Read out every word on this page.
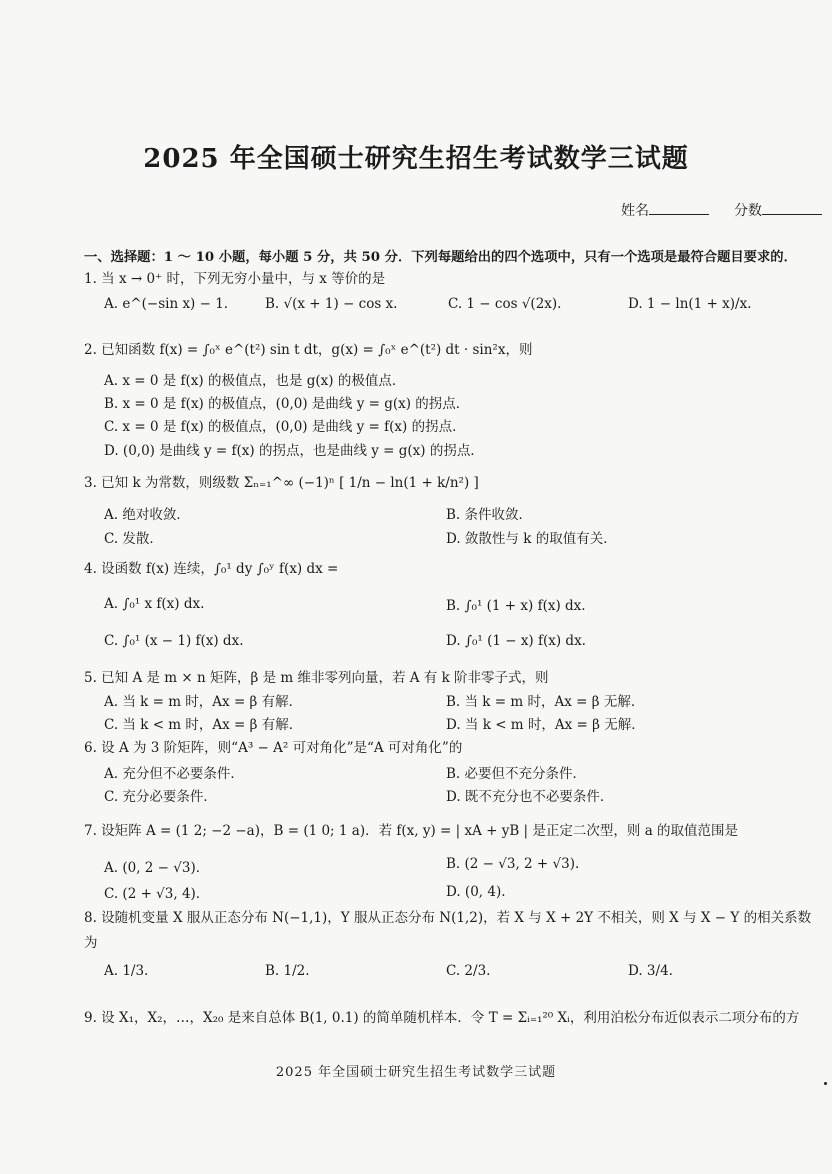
2025 年全国硕士研究生招生考试数学三试题
姓名	分数
一、选择题：1 ～ 10 小题，每小题 5 分，共 50 分．下列每题给出的四个选项中，只有一个选项是最符合题目要求的．
1. 当 x → 0⁺ 时，下列无穷小量中，与 x 等价的是
A. e^(−sin x) − 1.	B. √(x + 1) − cos x.	C. 1 − cos √(2x).	D. 1 − ln(1 + x)/x.
2. 已知函数 f(x) = ∫₀ˣ e^(t²) sin t dt，g(x) = ∫₀ˣ e^(t²) dt · sin²x，则
A. x = 0 是 f(x) 的极值点，也是 g(x) 的极值点．
B. x = 0 是 f(x) 的极值点，(0,0) 是曲线 y = g(x) 的拐点．
C. x = 0 是 f(x) 的极值点，(0,0) 是曲线 y = f(x) 的拐点．
D. (0,0) 是曲线 y = f(x) 的拐点，也是曲线 y = g(x) 的拐点．
3. 已知 k 为常数，则级数 Σₙ₌₁^∞ (−1)ⁿ [ 1/n − ln(1 + k/n²) ]
A. 绝对收敛．	B. 条件收敛．
C. 发散．	D. 敛散性与 k 的取值有关．
4. 设函数 f(x) 连续，∫₀¹ dy ∫₀ʸ f(x) dx =
A. ∫₀¹ x f(x) dx.	B. ∫₀¹ (1 + x) f(x) dx.
C. ∫₀¹ (x − 1) f(x) dx.	D. ∫₀¹ (1 − x) f(x) dx.
5. 已知 A 是 m × n 矩阵，β 是 m 维非零列向量，若 A 有 k 阶非零子式，则
A. 当 k = m 时，Ax = β 有解．	B. 当 k = m 时，Ax = β 无解．
C. 当 k < m 时，Ax = β 有解．	D. 当 k < m 时，Ax = β 无解．
6. 设 A 为 3 阶矩阵，则“A³ − A² 可对角化”是“A 可对角化”的
A. 充分但不必要条件．	B. 必要但不充分条件．
C. 充分必要条件．	D. 既不充分也不必要条件．
7. 设矩阵 A = (1 2; −2 −a)，B = (1 0; 1 a)．若 f(x, y) = | xA + yB | 是正定二次型，则 a 的取值范围是
A. (0, 2 − √3)．	B. (2 − √3, 2 + √3).
C. (2 + √3, 4)．	D. (0, 4).
8. 设随机变量 X 服从正态分布 N(−1,1)，Y 服从正态分布 N(1,2)，若 X 与 X + 2Y 不相关，则 X 与 X − Y 的相关系数为
A. 1/3.	B. 1/2.	C. 2/3.	D. 3/4.
9. 设 X₁，X₂，…，X₂₀ 是来自总体 B(1, 0.1) 的简单随机样本．令 T = Σᵢ₌₁²⁰ Xᵢ，利用泊松分布近似表示二项分布的方
2025 年全国硕士研究生招生考试数学三试题
